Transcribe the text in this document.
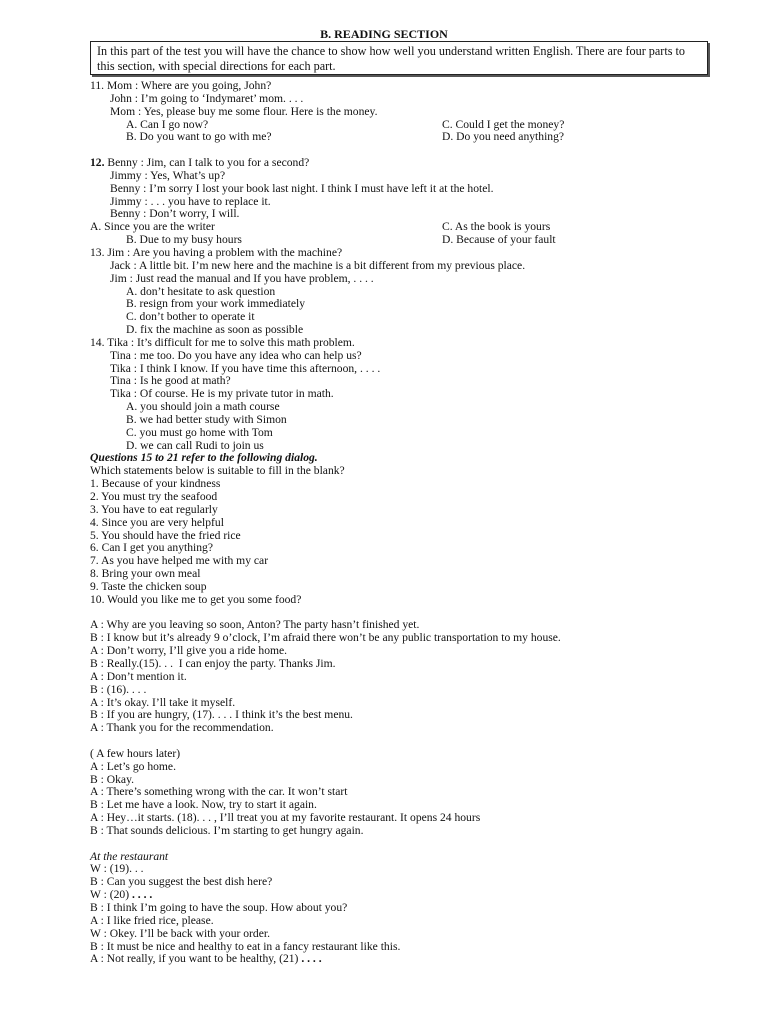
B. READING SECTION
In this part of the test you will have the chance to show how well you understand written English. There are four parts to this section, with special directions for each part.
11. Mom : Where are you going, John?
John : I’m going to ‘Indymaret’ mom. . . .
Mom : Yes, please buy me some flour. Here is the money.
A. Can I go now?	C. Could I get the money?
B. Do you want to go with me?	D. Do you need anything?
12. Benny : Jim, can I talk to you for a second?
Jimmy : Yes, What’s up?
Benny : I’m sorry I lost your book last night. I think I must have left it at the hotel.
Jimmy : . . . you have to replace it.
Benny : Don’t worry, I will.
A. Since you are the writer	C. As the book is yours
B. Due to my busy hours	D. Because of your fault
13. Jim : Are you having a problem with the machine?
Jack : A little bit. I’m new here and the machine is a bit different from my previous place.
Jim : Just read the manual and If you have problem, . . . .
A. don’t hesitate to ask question
B. resign from your work immediately
C. don’t bother to operate it
D. fix the machine as soon as possible
14. Tika : It’s difficult for me to solve this math problem.
Tina : me too. Do you have any idea who can help us?
Tika : I think I know. If you have time this afternoon, . . . .
Tina : Is he good at math?
Tika : Of course. He is my private tutor in math.
A. you should join a math course
B. we had better study with Simon
C. you must go home with Tom
D. we can call Rudi to join us
Questions 15 to 21 refer to the following dialog.
Which statements below is suitable to fill in the blank?
1. Because of your kindness
2. You must try the seafood
3. You have to eat regularly
4. Since you are very helpful
5. You should have the fried rice
6. Can I get you anything?
7. As you have helped me with my car
8. Bring your own meal
9. Taste the chicken soup
10. Would you like me to get you some food?
A : Why are you leaving so soon, Anton? The party hasn’t finished yet.
B : I know but it’s already 9 o’clock, I’m afraid there won’t be any public transportation to my house.
A : Don’t worry, I’ll give you a ride home.
B : Really.(15). . .  I can enjoy the party. Thanks Jim.
A : Don’t mention it.
B : (16). . . .
A : It’s okay. I’ll take it myself.
B : If you are hungry, (17). . . . I think it’s the best menu.
A : Thank you for the recommendation.
( A few hours later)
A : Let’s go home.
B : Okay.
A : There’s something wrong with the car. It won’t start
B : Let me have a look. Now, try to start it again.
A : Hey…it starts. (18). . . , I’ll treat you at my favorite restaurant. It opens 24 hours
B : That sounds delicious. I’m starting to get hungry again.
At the restaurant
W : (19). . .
B : Can you suggest the best dish here?
W : (20) . . . .
B : I think I’m going to have the soup. How about you?
A : I like fried rice, please.
W : Okey. I’ll be back with your order.
B : It must be nice and healthy to eat in a fancy restaurant like this.
A : Not really, if you want to be healthy, (21) . . . .
